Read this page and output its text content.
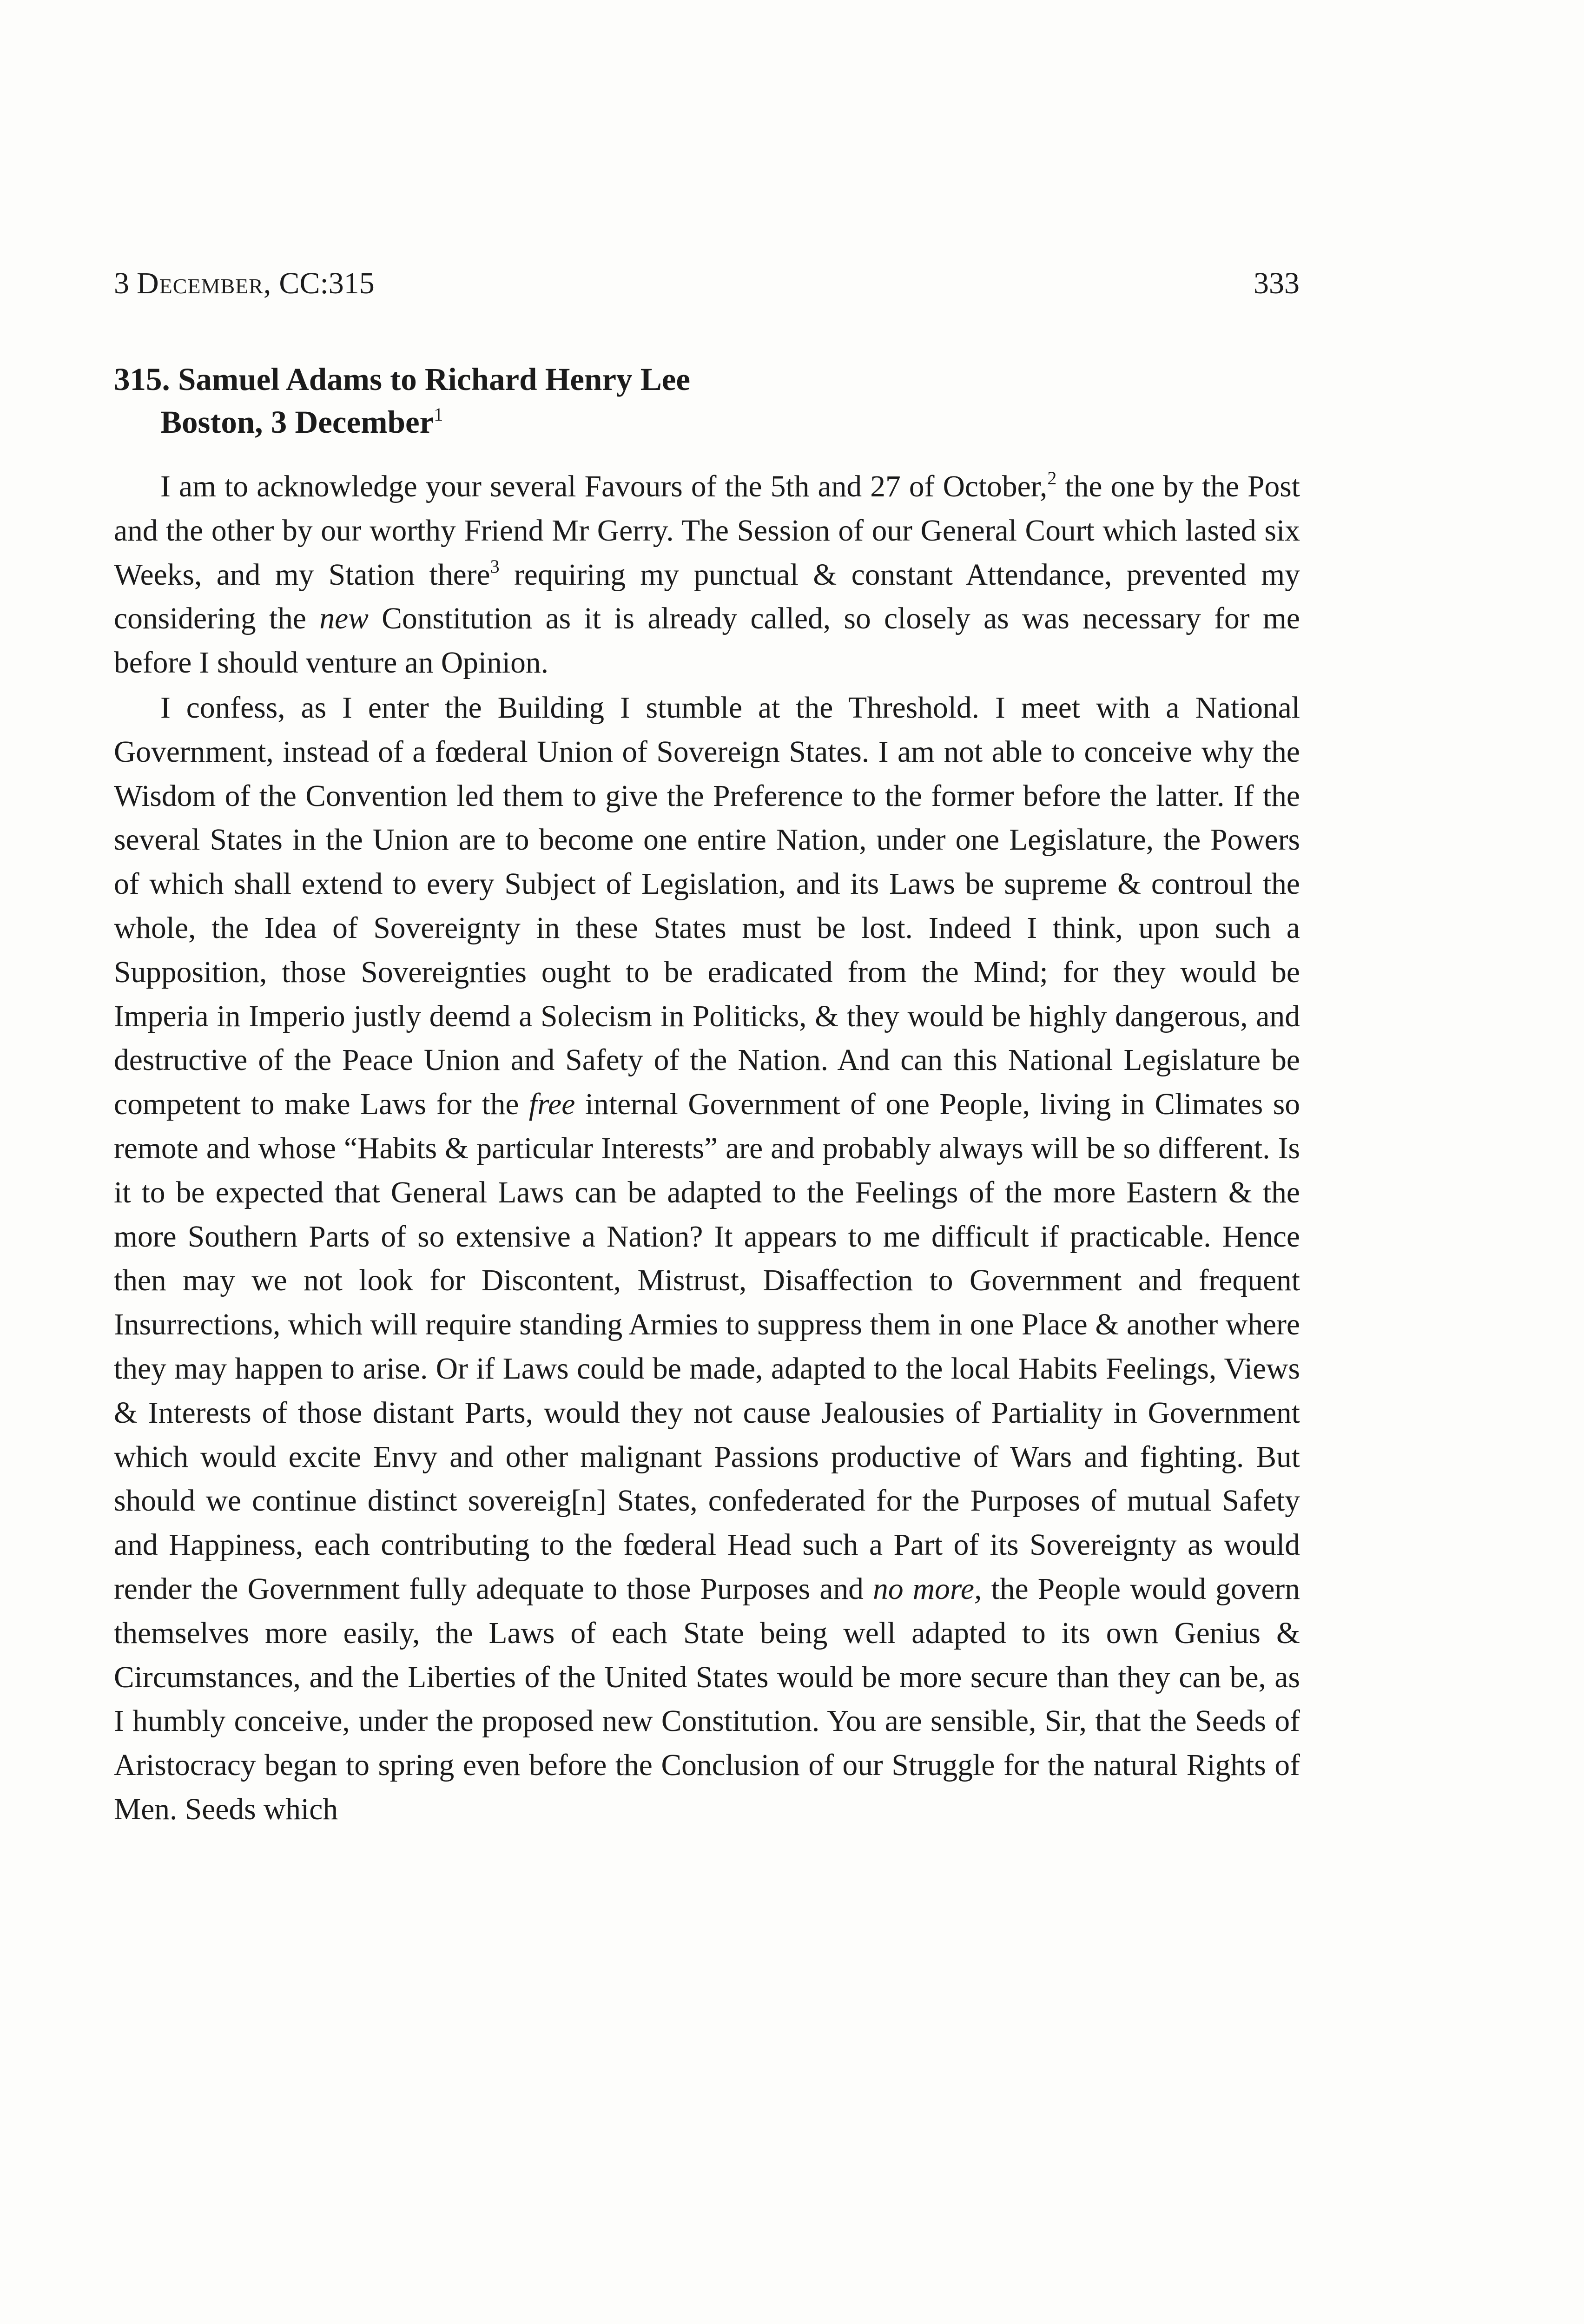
3 December, CC:315	333
315. Samuel Adams to Richard Henry Lee
Boston, 3 December$^1$

I am to acknowledge your several Favours of the 5th and 27 of October,$^2$ the one by the Post and the other by our worthy Friend Mr Gerry. The Session of our General Court which lasted six Weeks, and my Station there$^3$ requiring my punctual & constant Attendance, prevented my considering the new Constitution as it is already called, so closely as was necessary for me before I should venture an Opinion.

I confess, as I enter the Building I stumble at the Threshold. I meet with a National Government, instead of a fœderal Union of Sovereign States. I am not able to conceive why the Wisdom of the Convention led them to give the Preference to the former before the latter. If the several States in the Union are to become one entire Nation, under one Legislature, the Powers of which shall extend to every Subject of Legislation, and its Laws be supreme & controul the whole, the Idea of Sovereignty in these States must be lost. Indeed I think, upon such a Supposition, those Sovereignties ought to be eradicated from the Mind; for they would be Imperia in Imperio justly deemd a Solecism in Politicks, & they would be highly dangerous, and destructive of the Peace Union and Safety of the Nation. And can this National Legislature be competent to make Laws for the free internal Government of one People, living in Climates so remote and whose “Habits & particular Interests” are and probably always will be so different. Is it to be expected that General Laws can be adapted to the Feelings of the more Eastern & the more Southern Parts of so extensive a Nation? It appears to me difficult if practicable. Hence then may we not look for Discontent, Mistrust, Disaffection to Government and frequent Insurrections, which will require standing Armies to suppress them in one Place & another where they may happen to arise. Or if Laws could be made, adapted to the local Habits Feelings, Views & Interests of those distant Parts, would they not cause Jealousies of Partiality in Government which would excite Envy and other malignant Passions productive of Wars and fighting. But should we continue distinct sovereig[n] States, confederated for the Purposes of mutual Safety and Happiness, each contributing to the fœderal Head such a Part of its Sovereignty as would render the Government fully adequate to those Purposes and no more, the People would govern themselves more easily, the Laws of each State being well adapted to its own Genius & Circumstances, and the Liberties of the United States would be more secure than they can be, as I humbly conceive, under the proposed new Constitution. You are sensible, Sir, that the Seeds of Aristocracy began to spring even before the Conclusion of our Struggle for the natural Rights of Men. Seeds which
